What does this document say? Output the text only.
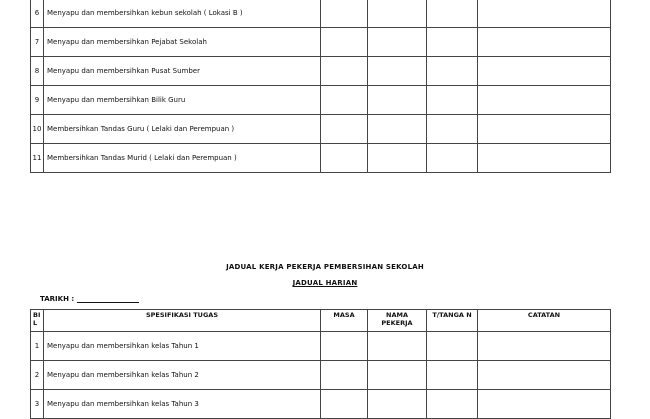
6	Menyapu dan membersihkan kebun sekolah ( Lokasi B )				
7	Menyapu dan membersihkan Pejabat Sekolah				
8	Menyapu dan membersihkan Pusat Sumber				
9	Menyapu dan membersihkan Bilik Guru				
10	Membersihkan Tandas Guru ( Lelaki dan Perempuan )				
11	Membersihkan Tandas Murid ( Lelaki dan Perempuan )				
JADUAL KERJA PEKERJA PEMBERSIHAN SEKOLAH
JADUAL HARIAN
TARIKH :
BI L	SPESIFIKASI TUGAS	MASA	NAMA PEKERJA	T/TANGA N	CATATAN
1	Menyapu dan membersihkan kelas Tahun 1				
2	Menyapu dan membersihkan kelas Tahun 2				
3	Menyapu dan membersihkan kelas Tahun 3				
